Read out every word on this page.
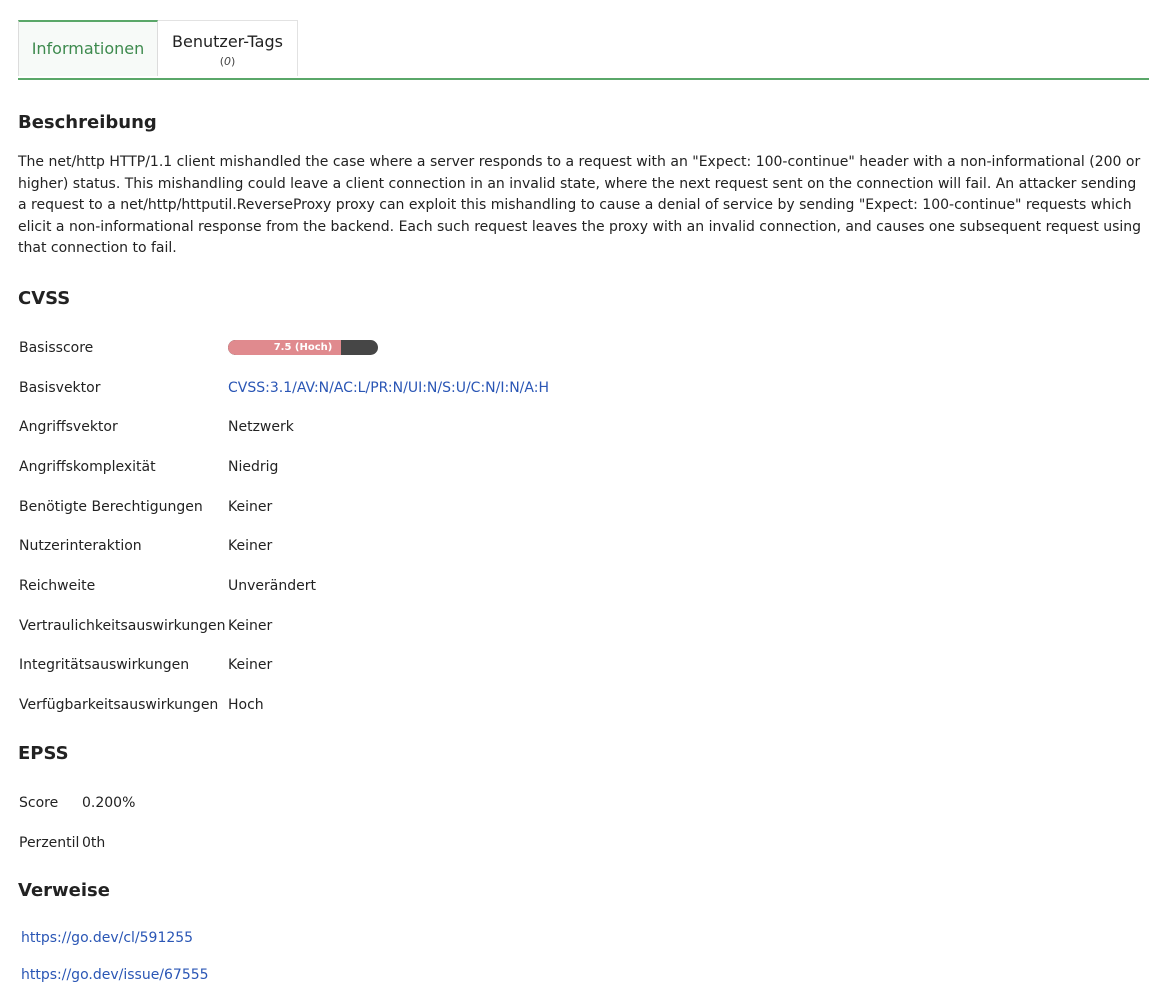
Informationen	Benutzer-Tags
(0)
Beschreibung
The net/http HTTP/1.1 client mishandled the case where a server responds to a request with an "Expect: 100-continue" header with a non-informational (200 or higher) status. This mishandling could leave a client connection in an invalid state, where the next request sent on the connection will fail. An attacker sending a request to a net/http/httputil.ReverseProxy proxy can exploit this mishandling to cause a denial of service by sending "Expect: 100-continue" requests which elicit a non-informational response from the backend. Each such request leaves the proxy with an invalid connection, and causes one subsequent request using that connection to fail.
CVSS
Basisscore	7.5 (Hoch)

Basisvektor	CVSS:3.1/AV:N/AC:L/PR:N/UI:N/S:U/C:N/I:N/A:H
Angriffsvektor	Netzwerk
Angriffskomplexität	Niedrig
Benötigte Berechtigungen	Keiner
Nutzerinteraktion	Keiner
Reichweite	Unverändert
Vertraulichkeitsauswirkungen	Keiner
Integritätsauswirkungen	Keiner
Verfügbarkeitsauswirkungen	Hoch
EPSS
Score	0.200%
Perzentil	0th
Verweise
https://go.dev/cl/591255
https://go.dev/issue/67555
